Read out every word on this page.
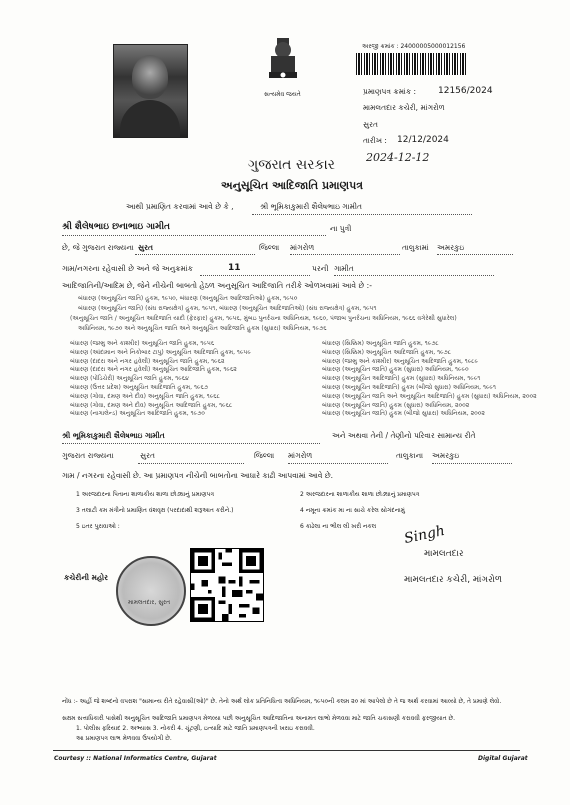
સત્યમેવ જયતે
અરજી ક્રમાંક : 24000005000012156
પ્રમાણપત્ર ક્રમાંક : 12156/2024
મામલતદાર કચેરી, માંગરોળ
સુરત
તારીખ : 12/12/2024
2024-12-12
ગુજરાત સરકાર
અનુસૂચિત આદિજાતિ પ્રમાણપત્ર
આથી પ્રમાણિત કરવામાં આવે છે કે ,	શ્રી ભૂમિકાકુમારી શૈલેષભાઇ ગામીત
શ્રી શૈલેષભાઇ છનાભાઇ ગામીત	ના પુત્રી
છે, જે ગુજરાત રાજ્યના સુરત	જિલ્લા માંગરોળ	તાલુકામાં અમરકુઇ
ગામ/નગરના રહેવાસી છે અને જે અનુક્રમાંક	11	પરની ગામીત
આદિજાતિની/આદિમ છે, જેને નીચેની બાબતો હેઠળ અનુસૂચિત આદિજાતિ તરીકે ઓળખવામાં આવે છે :-
બંધારણ (અનુસૂચિત જાતિ) હુકમ, ૧૯૫૦, બંધારણ (અનુસૂચિત આદિજાતિઓ) હુકમ, ૧૯૫૦
બંધારણ (અનુસૂચિત જાતિ) (સંઘ રાજ્યક્ષેત્ર) હુકમ, ૧૯૫૧, બંધારણ (અનુસૂચિત આદિજાતિઓ) (સંઘ રાજ્યક્ષેત્ર) હુકમ, ૧૯૫૧
(અનુસૂચિત જાતિ / અનુસૂચિત આદિજાતિ યાદી (ફેરફાર) હુકમ, ૧૯૫૬, મુંબઇ પુનર્રચના અધિનિયમ, ૧૯૬૦, પંજાબ પુનર્રચના અધિનિયમ, ૧૯૬૬ વગેરેથી સુધારેલ)
અધિનિયમ, ૧૯૭૦ અને અનુસૂચિત જાતિ અને અનુસૂચિત આદિજાતિ હુકમ (સુધારા) અધિનિયમ, ૧૯૭૬
બંધારણ (જમ્મુ અને કાશ્મીર) અનુસૂચિત જાતિ હુકમ, ૧૯૫૬
બંધારણ (આંદામાન અને નિકોબાર ટાપુ) અનુસૂચિત આદિજાતિ હુકમ, ૧૯૫૯
બંધારણ (દાદરા અને નગર હવેલી) અનુસૂચિત જાતિ હુકમ, ૧૯૬૨
બંધારણ (દાદરા અને નગર હવેલી) અનુસૂચિત આદિજાતિ હુકમ, ૧૯૬૨
બંધારણ (પોંડિચેરી) અનુસૂચિત જાતિ હુકમ, ૧૯૬૪
બંધારણ (ઉત્તર પ્રદેશ) અનુસૂચિત આદિજાતિ હુકમ, ૧૯૬૭
બંધારણ (ગોવા, દમણ અને દીવ) અનુસૂચિત જાતિ હુકમ, ૧૯૬૮
બંધારણ (ગોવા, દમણ અને દીવ) અનુસૂચિત આદિજાતિ હુકમ, ૧૯૬૮
બંધારણ (નાગાલેન્ડ) અનુસૂચિત આદિજાતિ હુકમ, ૧૯૭૦
બંધારણ (સિક્કિમ) અનુસૂચિત જાતિ હુકમ, ૧૯૭૮
બંધારણ (સિક્કિમ) અનુસૂચિત આદિજાતિ હુકમ, ૧૯૭૮
બંધારણ (જમ્મુ અને કાશ્મીર) અનુસૂચિત આદિજાતિ હુકમ, ૧૯૮૯
બંધારણ (અનુસૂચિત જાતિ) હુકમ (સુધારા) અધિનિયમ, ૧૯૯૦
બંધારણ (અનુસૂચિત આદિજાતિ) હુકમ (સુધારા) અધિનિયમ, ૧૯૯૧
બંધારણ (અનુસૂચિત આદિજાતિ) હુકમ (બીજો સુધારા) અધિનિયમ, ૧૯૯૧
બંધારણ (અનુસૂચિત જાતિ અને અનુસૂચિત આદિજાતિ) હુકમ (સુધારા) અધિનિયમ, ૨૦૦૨
બંધારણ (અનુસૂચિત જાતિ) હુકમ (સુધારા) અધિનિયમ, ૨૦૦૨
બંધારણ (અનુસૂચિત જાતિ) હુકમ (બીજો સુધારા) અધિનિયમ, ૨૦૦૨
શ્રી ભૂમિકાકુમારી શૈલેષભાઇ ગામીત	અને અથવા તેની / તેણીનો પરિવાર સામાન્ય રીતે
ગુજરાત રાજ્યના	સુરત	જિલ્લા માંગરોળ	તાલુકાના અમરકુઇ
ગામ / નગરના રહેવાસી છે. આ પ્રમાણપત્ર નીચેની બાબતોના આધારે કાઢી આપવામાં આવે છે.
1 અરજદારના પિતાના શાળાકીય શાળા છોડ્યાનું પ્રમાણપત્ર
3 તલાટી કમ મંત્રીનો પ્રમાણિત વંશવૃક્ષ (પરદાદાથી શરૂઆત કરીને.)
5 ઇતર પુરાવાઓ :
2 અરજદારના શાળાકીય શાળા છોડ્યાનું પ્રમાણપત્ર
4 નમૂના ક્રમાંક મા ના સાચે કરેલ સોગંદનામું
6 કાઢેલા ના ભીલ લી ખરી નકલ
મામલતદાર, સુરત
કચેરીની મહોર
Singh
મામલતદાર
મામલતદાર કચેરી, માંગરોળ
નોંધ :- અહીં જે શબ્દનો વપરાશ "સામાન્ય રીતે રહેવાસી(ઓ)" છે. તેનો અર્થ લોક પ્રતિનિધિત્વ અધિનિયમ, ૧૯૫૦ની કલમ ૨૦ માં આપેલો છે તે જ અર્થ કરવામાં આવ્યો છે, તે પ્રમાણે લેવો.
સક્ષમ સત્તાધિકારી પાસેથી અનુસૂચિત આદિજાતિ પ્રમાણપત્ર મેળવ્યા પછી અનુસૂચિત આદિજાતિના અનામત લાભો મેળવવા માટે જાતિ ચકાસણી કરાવવી ફરજીયાત છે.
1. પોલીસ ફરિયાદ 2. અભ્યાસ 3. નોકરી 4. ચૂંટણી, ઇત્યાદિ માટે જાતિ પ્રમાણપત્રની ખરાઇ કરાવવી.
આ પ્રમાણપત્ર લાભ મેળવવા ઉપયોગી છે.
Courtesy :: National Informatics Centre, Gujarat	Digital Gujarat
